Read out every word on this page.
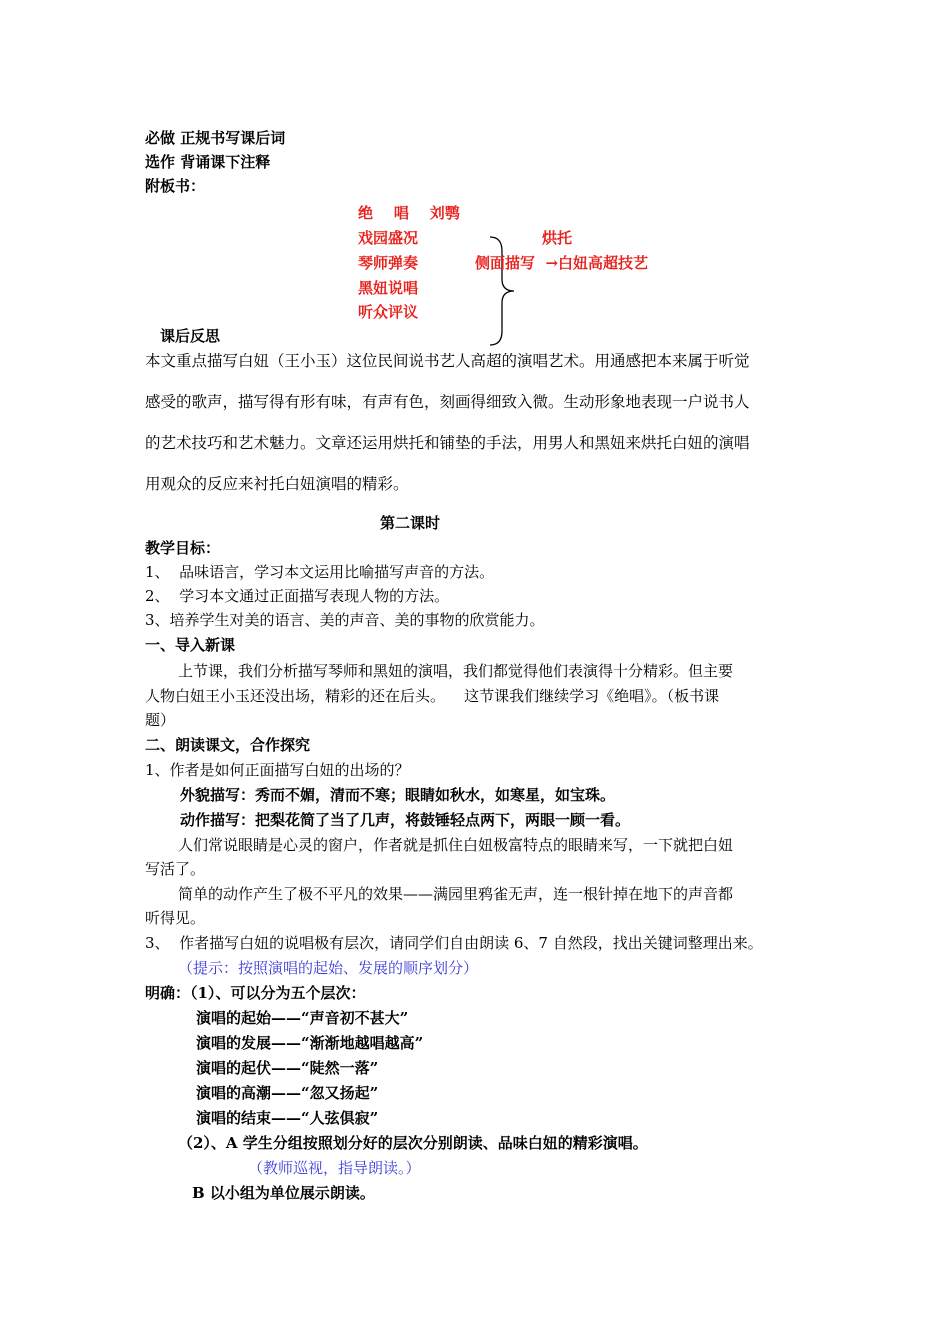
必做 正规书写课后词
选作 背诵课下注释
附板书：
绝    唱    刘鹗
戏园盛况
琴师弹奏
黑妞说唱
听众评议
烘托
侧面描写  →白妞高超技艺
课后反思
本文重点描写白妞（王小玉）这位民间说书艺人高超的演唱艺术。用通感把本来属于听觉
感受的歌声，描写得有形有味，有声有色，刻画得细致入微。生动形象地表现一户说书人
的艺术技巧和艺术魅力。文章还运用烘托和铺垫的手法，用男人和黑妞来烘托白妞的演唱
用观众的反应来衬托白妞演唱的精彩。
第二课时
教学目标：
1、  品味语言，学习本文运用比喻描写声音的方法。
2、  学习本文通过正面描写表现人物的方法。
3、培养学生对美的语言、美的声音、美的事物的欣赏能力。
一、导入新课
上节课，我们分析描写琴师和黑妞的演唱，我们都觉得他们表演得十分精彩。但主要
人物白妞王小玉还没出场，精彩的还在后头。    这节课我们继续学习《绝唱》。（板书课
题）
二、朗读课文，合作探究
1、作者是如何正面描写白妞的出场的？
外貌描写：秀而不媚，清而不寒；眼睛如秋水，如寒星，如宝珠。
动作描写：把梨花简了当了几声，将鼓锤轻点两下，两眼一顾一看。
人们常说眼睛是心灵的窗户，作者就是抓住白妞极富特点的眼睛来写，一下就把白妞
写活了。
简单的动作产生了极不平凡的效果——满园里鸦雀无声，连一根针掉在地下的声音都
听得见。
3、  作者描写白妞的说唱极有层次，请同学们自由朗读 6、7 自然段，找出关键词整理出来。
（提示：按照演唱的起始、发展的顺序划分）
明确：（1）、可以分为五个层次：
演唱的起始——“声音初不甚大”
演唱的发展——“渐渐地越唱越高”
演唱的起伏——“陡然一落”
演唱的高潮——“忽又扬起”
演唱的结束——“人弦俱寂”
（2）、A 学生分组按照划分好的层次分别朗读、品味白妞的精彩演唱。
（教师巡视，指导朗读。）
B 以小组为单位展示朗读。
